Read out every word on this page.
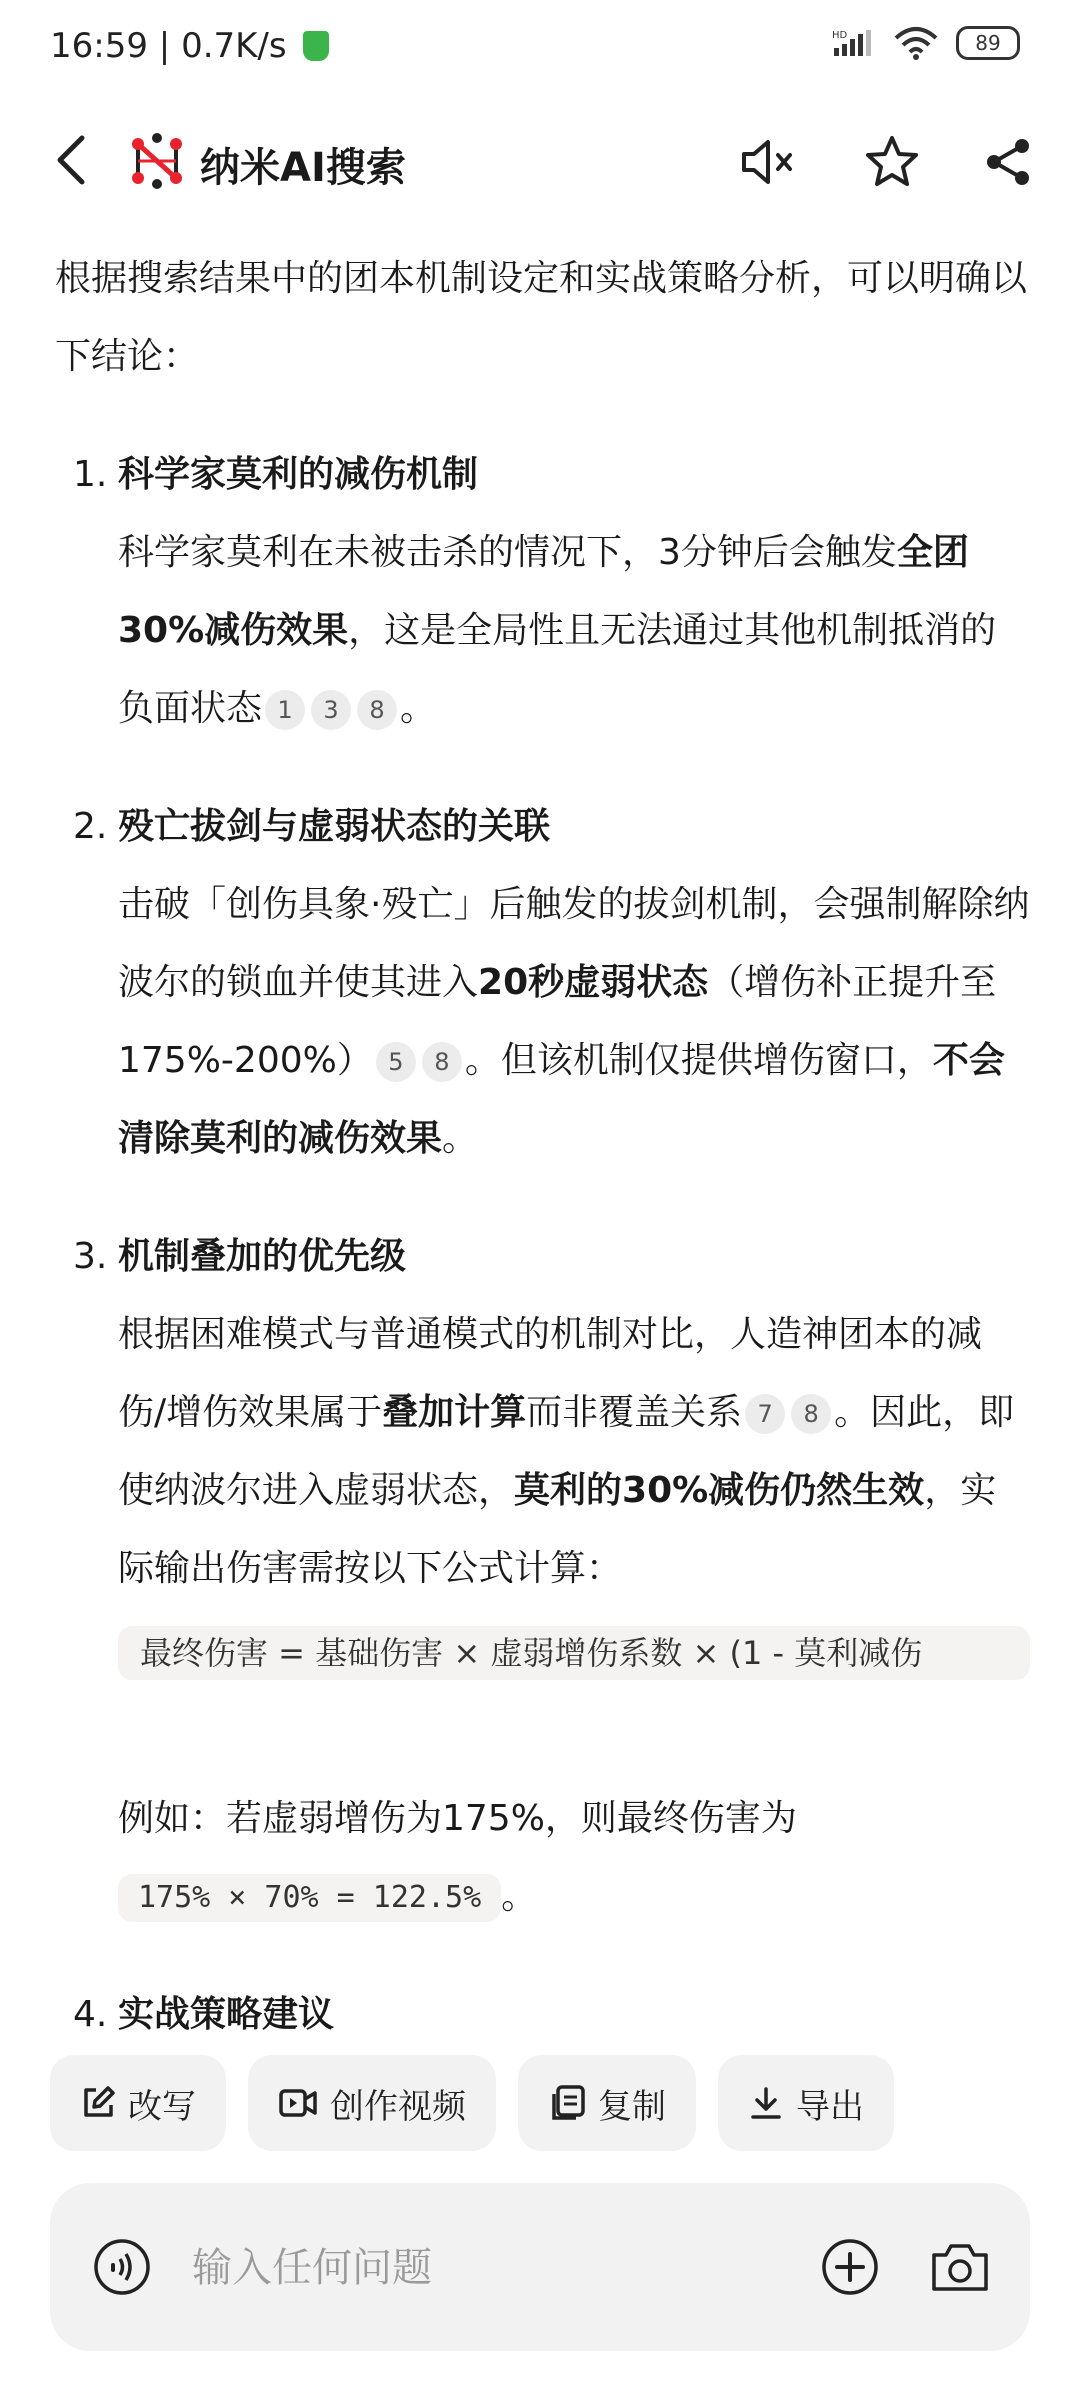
16:59 | 0.7K/s	HD	89
纳米AI搜索

根据搜索结果中的团本机制设定和实战策略分析，可以明确以下结论：

1. 科学家莫利的减伤机制
科学家莫利在未被击杀的情况下，3分钟后会触发全团30%减伤效果，这是全局性且无法通过其他机制抵消的负面状态 1 3 8 。
2. 殁亡拔剑与虚弱状态的关联
击破「创伤具象·殁亡」后触发的拔剑机制，会强制解除纳波尔的锁血并使其进入20秒虚弱状态（增伤补正提升至175%-200%） 5 8 。但该机制仅提供增伤窗口，不会清除莫利的减伤效果。
3. 机制叠加的优先级
根据困难模式与普通模式的机制对比，人造神团本的减伤/增伤效果属于叠加计算而非覆盖关系 7 8 。因此，即使纳波尔进入虚弱状态，莫利的30%减伤仍然生效，实际输出伤害需按以下公式计算：
最终伤害 = 基础伤害 × 虚弱增伤系数 × (1 - 莫利减伤
例如：若虚弱增伤为175%，则最终伤害为
175% × 70% = 122.5% 。
4. 实战策略建议
改写	创作视频	复制	导出
输入任何问题
